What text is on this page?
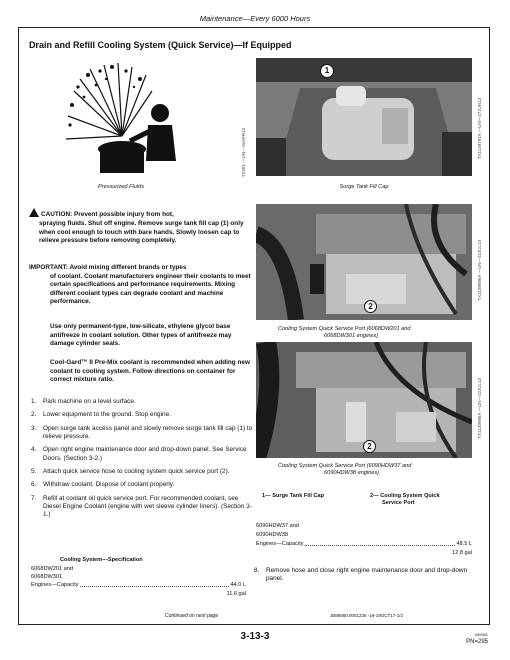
Maintenance—Every 6000 Hours
Drain and Refill Cooling System (Quick Service)—If Equipped
Pressurized Fluids
TS281 —UN—15APR13
1
Surge Tank Fill Cap
TX1139791A —UN—27JUN13
2
Cooling System Quick Service Port (6068DW201 and
6068DW301 engines)
TX1138886A —UN—22JUL13
2
Cooling System Quick Service Port (6090HDW37 and
6090HDW38 engines)
TX1140996A —UN—22JUL13
CAUTION: Prevent possible injury from hot,
spraying fluids. Shut off engine. Remove surge tank fill cap (1) only when cool enough to touch with bare hands. Slowly loosen cap to relieve pressure before removing completely.
IMPORTANT: Avoid mixing different brands or types
of coolant. Coolant manufacturers engineer their coolants to meet certain specifications and performance requirements. Mixing different coolant types can degrade coolant and machine performance.
Use only permanent-type, low-silicate, ethylene glycol base antifreeze in coolant solution. Other types of antifreeze may damage cylinder seals.
Cool-Gard™ II Pre-Mix coolant is recommended when adding new coolant to cooling system. Follow directions on container for correct mixture ratio.
1. Park machine on a level surface.
2. Lower equipment to the ground. Stop engine.
3. Open surge tank access panel and slowly remove surge tank fill cap (1) to relieve pressure.
4. Open right engine maintenance door and drop-down panel. See Service Doors. (Section 3-2.)
5. Attach quick service hose to cooling system quick service port (2).
6. Withdraw coolant. Dispose of coolant properly.
7. Refill at coolant oil quick service port. For recommended coolant, see Diesel Engine Coolant (engine with wet sleeve cylinder liners). (Section 3-1.)
Cooling System—Specification
6068DW201 and
6068DW301
Engines—Capacity	44.0 L
11.6 gal
1— Surge Tank Fill Cap	2— Cooling System Quick
Service Port
6090HDW37 and
6090HDW38
Engines—Capacity	48.5 L
12.8 gal
8. Remove hose and close right engine maintenance door and drop-down panel.
Continued on next page	JB88880,0001236 -19-19OCT17-1/2
3-13-3	000351
PN=295
